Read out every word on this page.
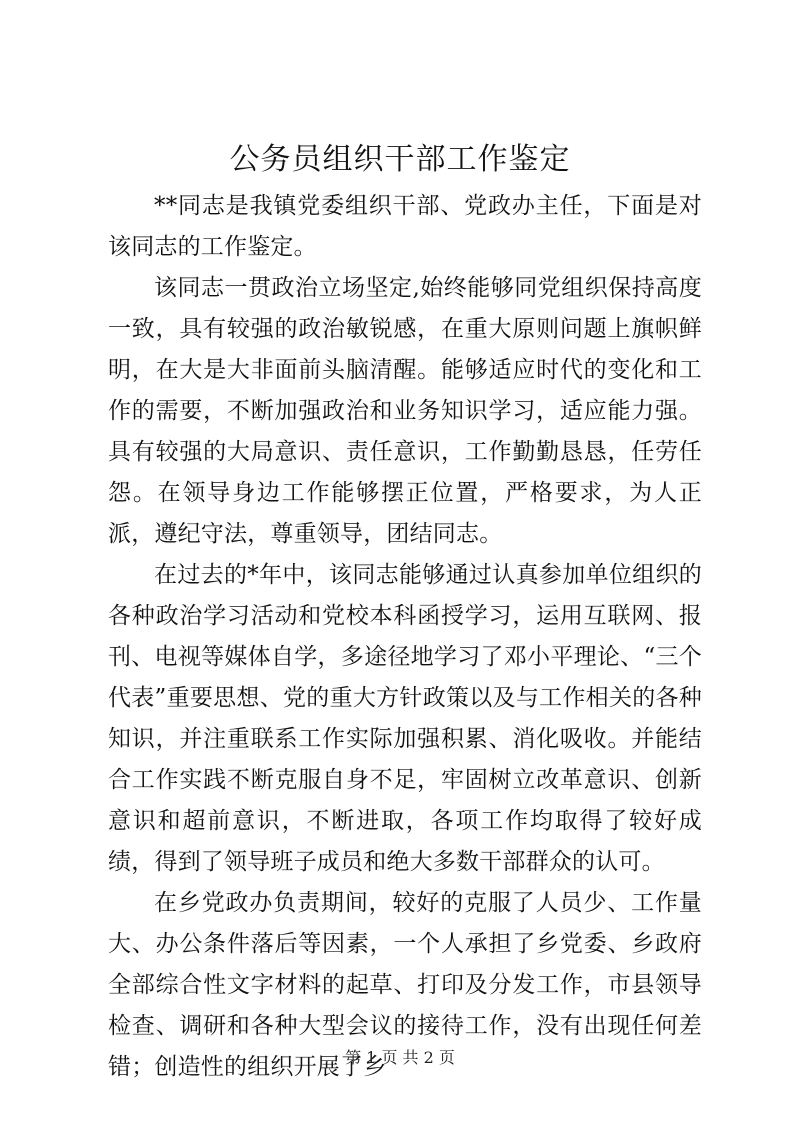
公务员组织干部工作鉴定

**同志是我镇党委组织干部、党政办主任，下面是对该同志的工作鉴定。

该同志一贯政治立场坚定,始终能够同党组织保持高度一致，具有较强的政治敏锐感，在重大原则问题上旗帜鲜明，在大是大非面前头脑清醒。能够适应时代的变化和工作的需要，不断加强政治和业务知识学习，适应能力强。具有较强的大局意识、责任意识，工作勤勤恳恳，任劳任怨。在领导身边工作能够摆正位置，严格要求，为人正派，遵纪守法，尊重领导，团结同志。

在过去的*年中，该同志能够通过认真参加单位组织的各种政治学习活动和党校本科函授学习，运用互联网、报刊、电视等媒体自学，多途径地学习了邓小平理论、“三个代表”重要思想、党的重大方针政策以及与工作相关的各种知识，并注重联系工作实际加强积累、消化吸收。并能结合工作实践不断克服自身不足，牢固树立改革意识、创新意识和超前意识，不断进取，各项工作均取得了较好成绩，得到了领导班子成员和绝大多数干部群众的认可。

在乡党政办负责期间，较好的克服了人员少、工作量大、办公条件落后等因素，一个人承担了乡党委、乡政府全部综合性文字材料的起草、打印及分发工作，市县领导检查、调研和各种大型会议的接待工作，没有出现任何差错；创造性的组织开展了乡

第 1 页 共 2 页
